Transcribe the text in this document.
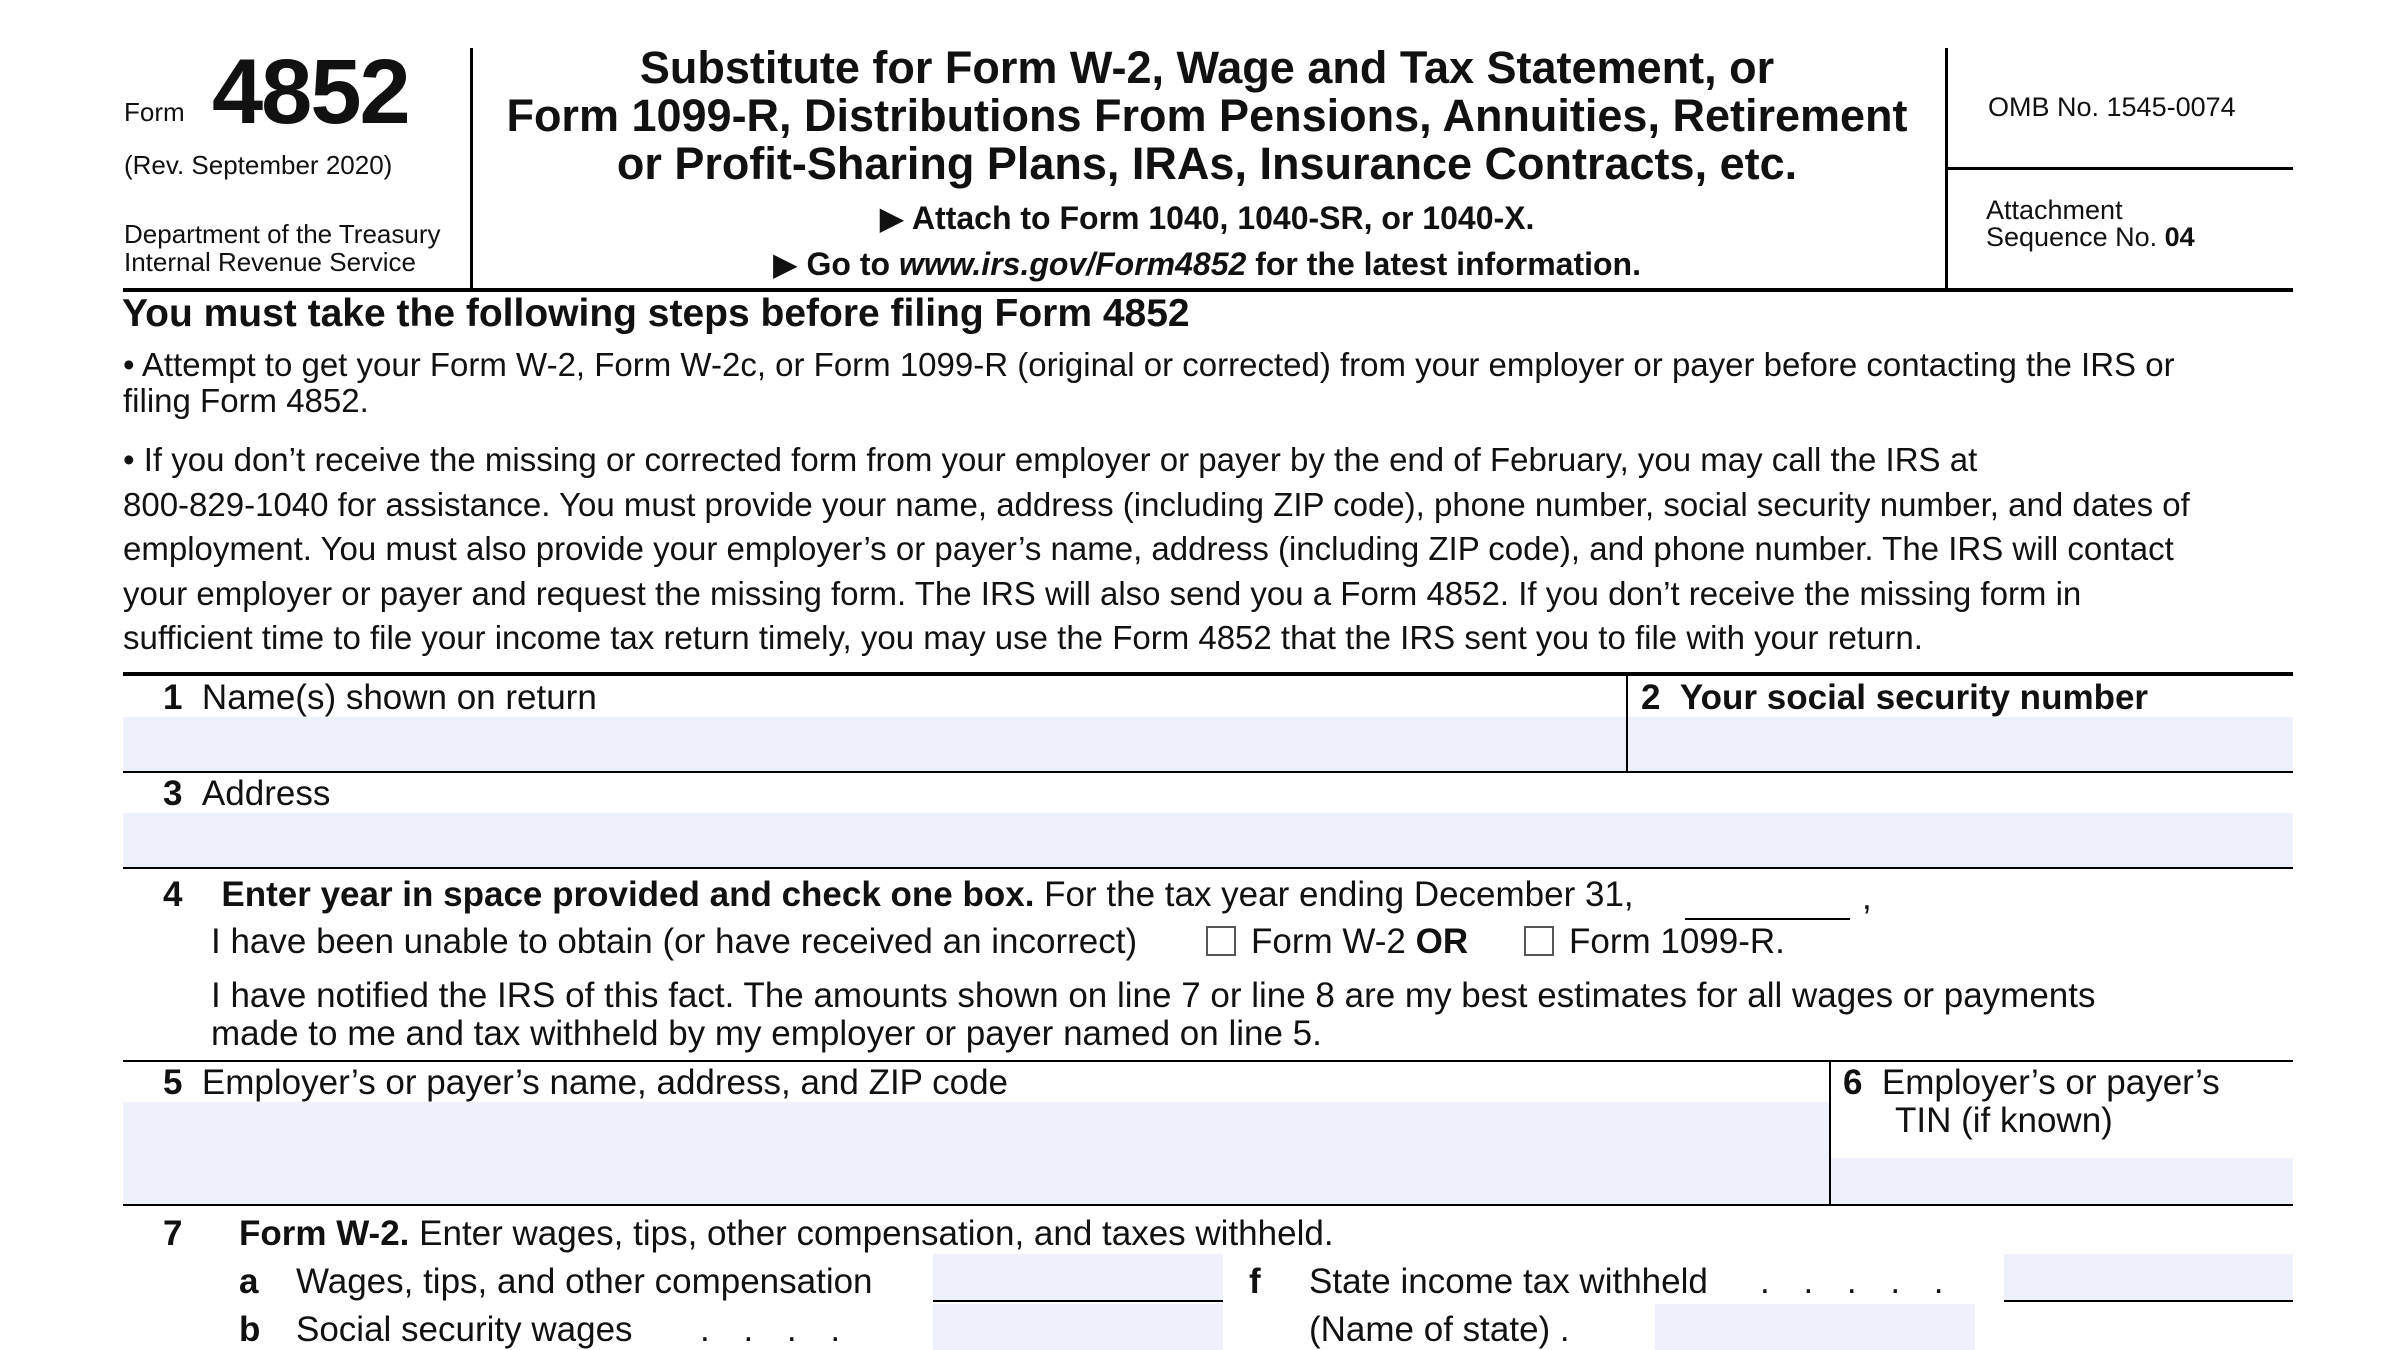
Form 4852
(Rev. September 2020)
Department of the Treasury
Internal Revenue Service
Substitute for Form W-2, Wage and Tax Statement, or
Form 1099-R, Distributions From Pensions, Annuities, Retirement
or Profit-Sharing Plans, IRAs, Insurance Contracts, etc.
▶ Attach to Form 1040, 1040-SR, or 1040-X.
▶ Go to www.irs.gov/Form4852 for the latest information.
OMB No. 1545-0074
Attachment
Sequence No. 04
You must take the following steps before filing Form 4852
• Attempt to get your Form W-2, Form W-2c, or Form 1099-R (original or corrected) from your employer or payer before contacting the IRS or
filing Form 4852.
• If you don’t receive the missing or corrected form from your employer or payer by the end of February, you may call the IRS at
800-829-1040 for assistance. You must provide your name, address (including ZIP code), phone number, social security number, and dates of
employment. You must also provide your employer’s or payer’s name, address (including ZIP code), and phone number. The IRS will contact
your employer or payer and request the missing form. The IRS will also send you a Form 4852. If you don’t receive the missing form in
sufficient time to file your income tax return timely, you may use the Form 4852 that the IRS sent you to file with your return.
1 Name(s) shown on return	2 Your social security number
3 Address
4 Enter year in space provided and check one box. For the tax year ending December 31,	,
I have been unable to obtain (or have received an incorrect)	Form W-2 OR	Form 1099-R.
I have notified the IRS of this fact. The amounts shown on line 7 or line 8 are my best estimates for all wages or payments
made to me and tax withheld by my employer or payer named on line 5.
5 Employer’s or payer’s name, address, and ZIP code	6 Employer’s or payer’s
TIN (if known)
7 Form W-2. Enter wages, tips, other compensation, and taxes withheld.
a Wages, tips, and other compensation	f State income tax withheld . . . . .
b Social security wages . . . .	(Name of state) .
